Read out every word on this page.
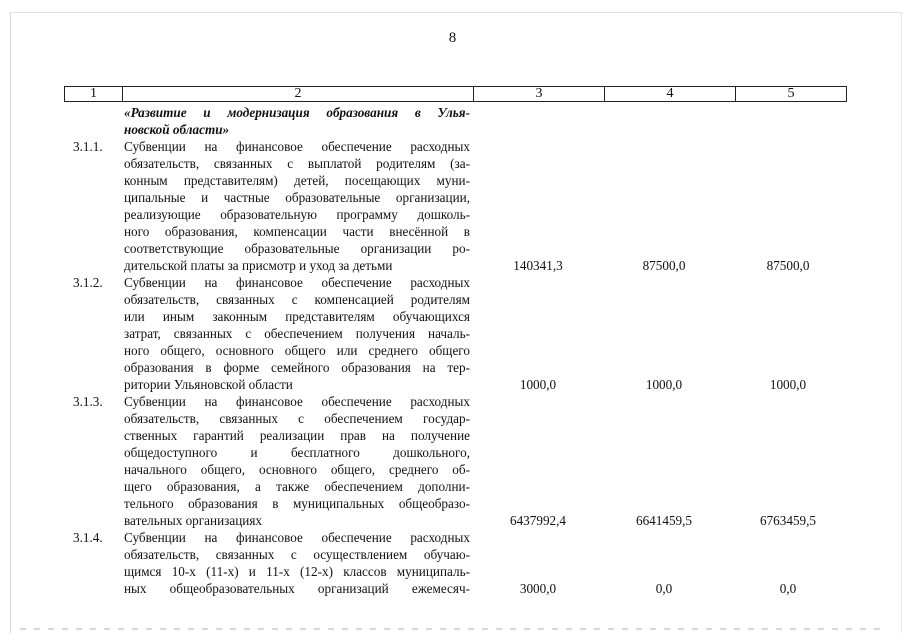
8
1	2	3	4	5
«Развитие и модернизация образования в Улья-
новской области»
3.1.1. Субвенции на финансовое обеспечение расходных
обязательств, связанных с выплатой родителям (за-
конным представителям) детей, посещающих муни-
ципальные и частные образовательные организации,
реализующие образовательную программу дошколь-
ного образования, компенсации части внесённой в
соответствующие образовательные организации ро-
дительской платы за присмотр и уход за детьми	140341,3	87500,0	87500,0
3.1.2. Субвенции на финансовое обеспечение расходных
обязательств, связанных с компенсацией родителям
или иным законным представителям обучающихся
затрат, связанных с обеспечением получения началь-
ного общего, основного общего или среднего общего
образования в форме семейного образования на тер-
ритории Ульяновской области	1000,0	1000,0	1000,0
3.1.3. Субвенции на финансовое обеспечение расходных
обязательств, связанных с обеспечением государ-
ственных гарантий реализации прав на получение
общедоступного и бесплатного дошкольного,
начального общего, основного общего, среднего об-
щего образования, а также обеспечением дополни-
тельного образования в муниципальных общеобразо-
вательных организациях	6437992,4	6641459,5	6763459,5
3.1.4. Субвенции на финансовое обеспечение расходных
обязательств, связанных с осуществлением обучаю-
щимся 10-х (11-х) и 11-х (12-х) классов муниципаль-
ных общеобразовательных организаций ежемесяч-	3000,0	0,0	0,0
